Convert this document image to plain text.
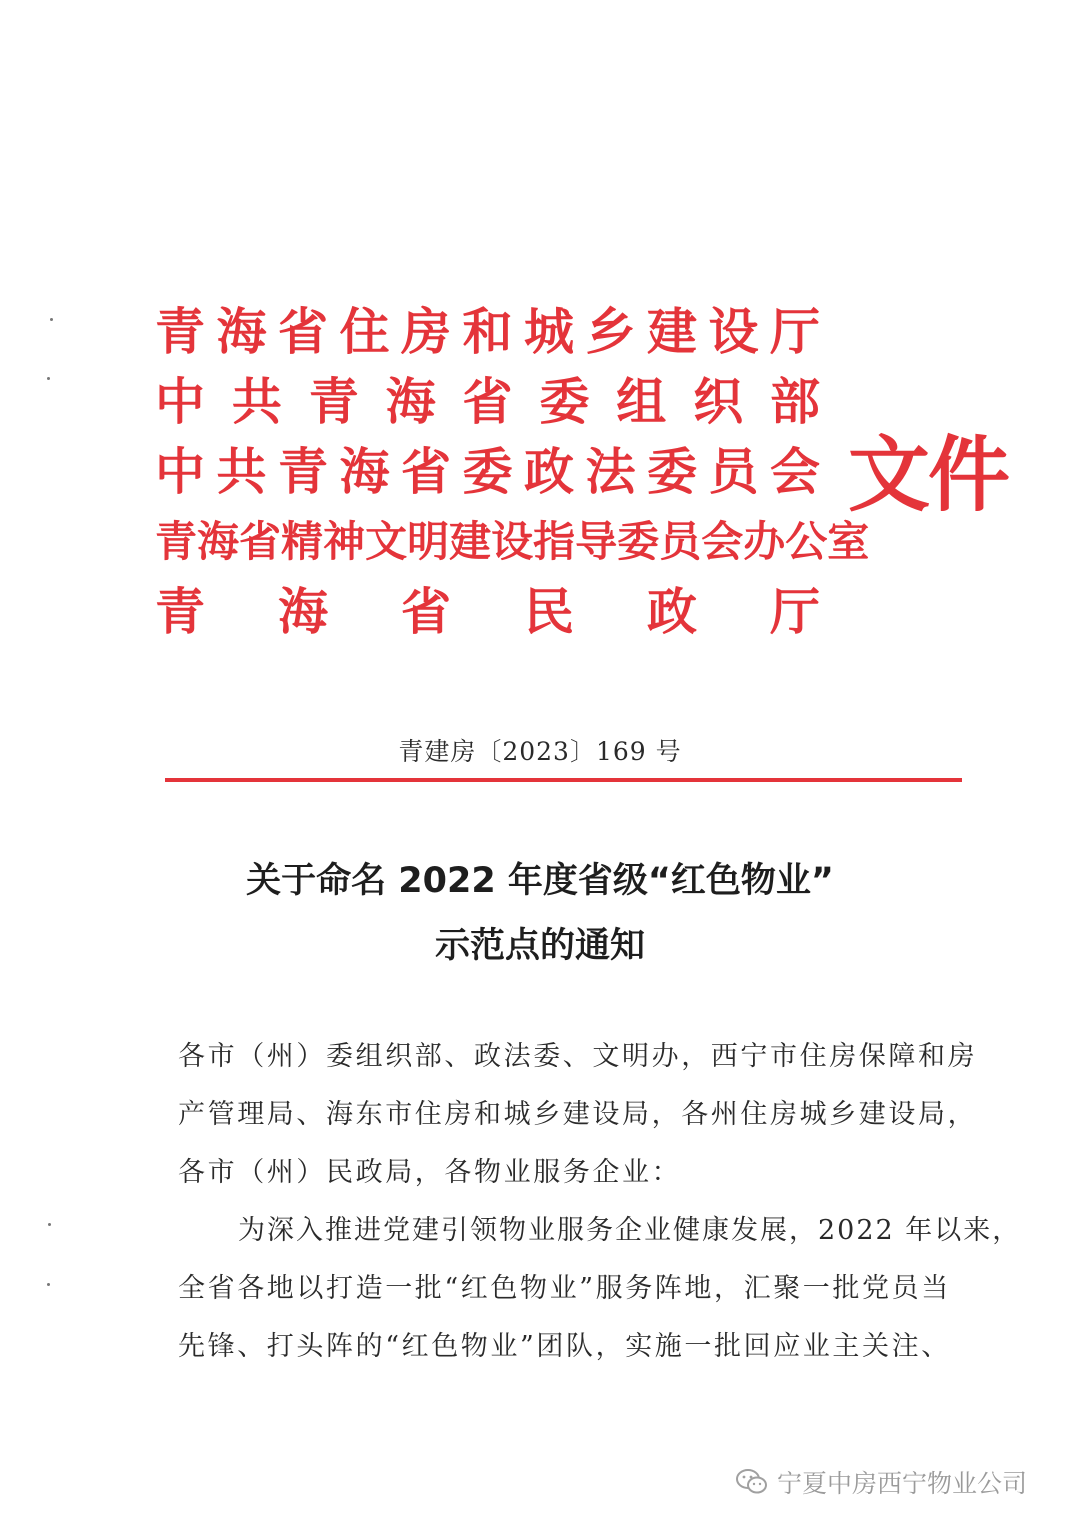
青 海 省 住 房 和 城 乡 建 设 厅
中 共 青 海 省 委 组 织 部
中 共 青 海 省 委 政 法 委 员 会
青 海 省 精 神 文 明 建 设 指 导 委 员 会 办 公 室
青 海 省 民 政 厅
文件
青建房〔2023〕169 号
关于命名 2022 年度省级“红色物业”
示范点的通知
各市（州）委组织部、政法委、文明办，西宁市住房保障和房
产管理局、海东市住房和城乡建设局，各州住房城乡建设局，
各市（州）民政局，各物业服务企业：
为深入推进党建引领物业服务企业健康发展，2022 年以来，
全省各地以打造一批“红色物业”服务阵地，汇聚一批党员当
先锋、打头阵的“红色物业”团队，实施一批回应业主关注、
宁夏中房西宁物业公司
